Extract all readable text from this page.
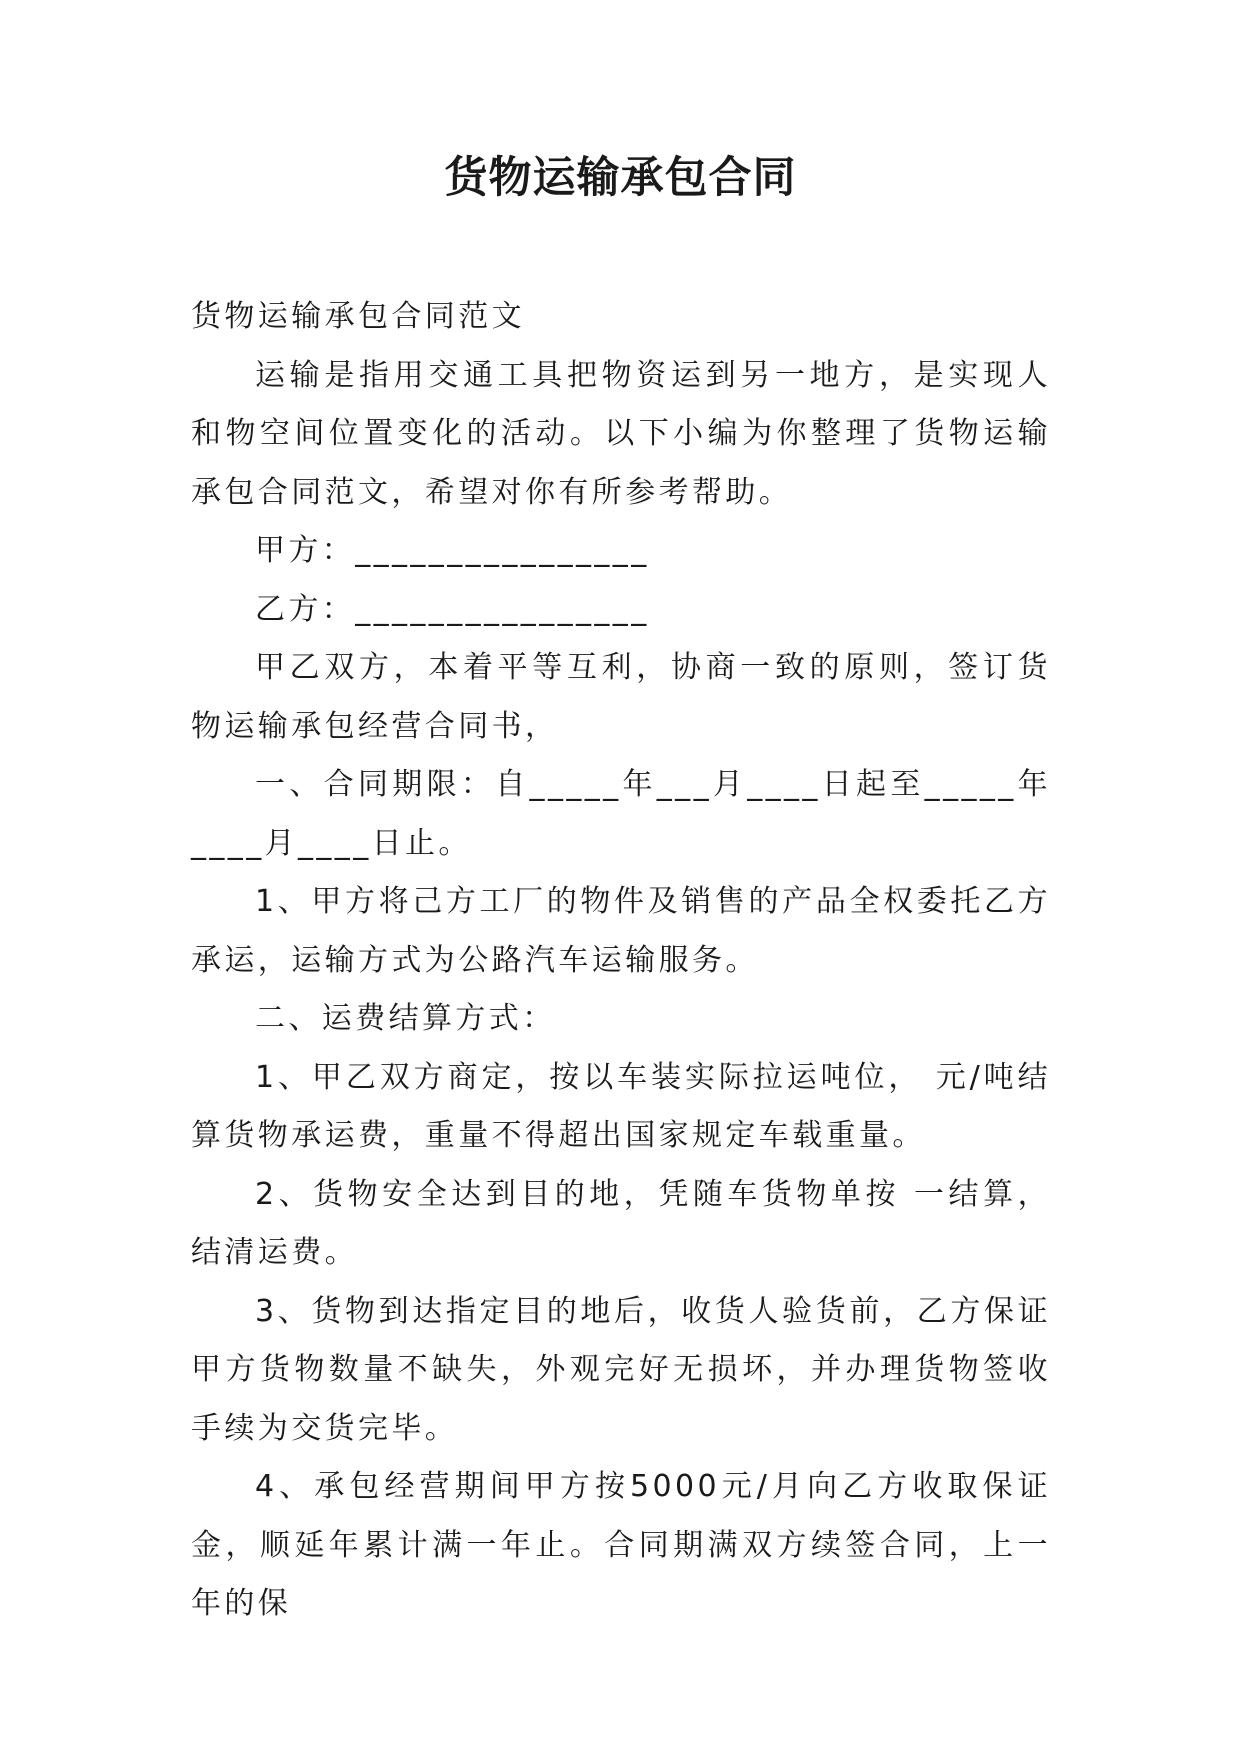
货物运输承包合同

货物运输承包合同范文

运输是指用交通工具把物资运到另一地方，是实现人和物空间位置变化的活动。以下小编为你整理了货物运输承包合同范文，希望对你有所参考帮助。

甲方：________________

乙方：________________

甲乙双方，本着平等互利，协商一致的原则，签订货物运输承包经营合同书，

一、合同期限：自_____年___月____日起至_____年____月____日止。

1、甲方将己方工厂的物件及销售的产品全权委托乙方承运，运输方式为公路汽车运输服务。

二、运费结算方式：

1、甲乙双方商定，按以车装实际拉运吨位， 元/吨结算货物承运费，重量不得超出国家规定车载重量。

2、货物安全达到目的地，凭随车货物单按 一结算，结清运费。

3、货物到达指定目的地后，收货人验货前，乙方保证甲方货物数量不缺失，外观完好无损坏，并办理货物签收手续为交货完毕。

4、承包经营期间甲方按5000元/月向乙方收取保证金，顺延年累计满一年止。合同期满双方续签合同，上一年的保
